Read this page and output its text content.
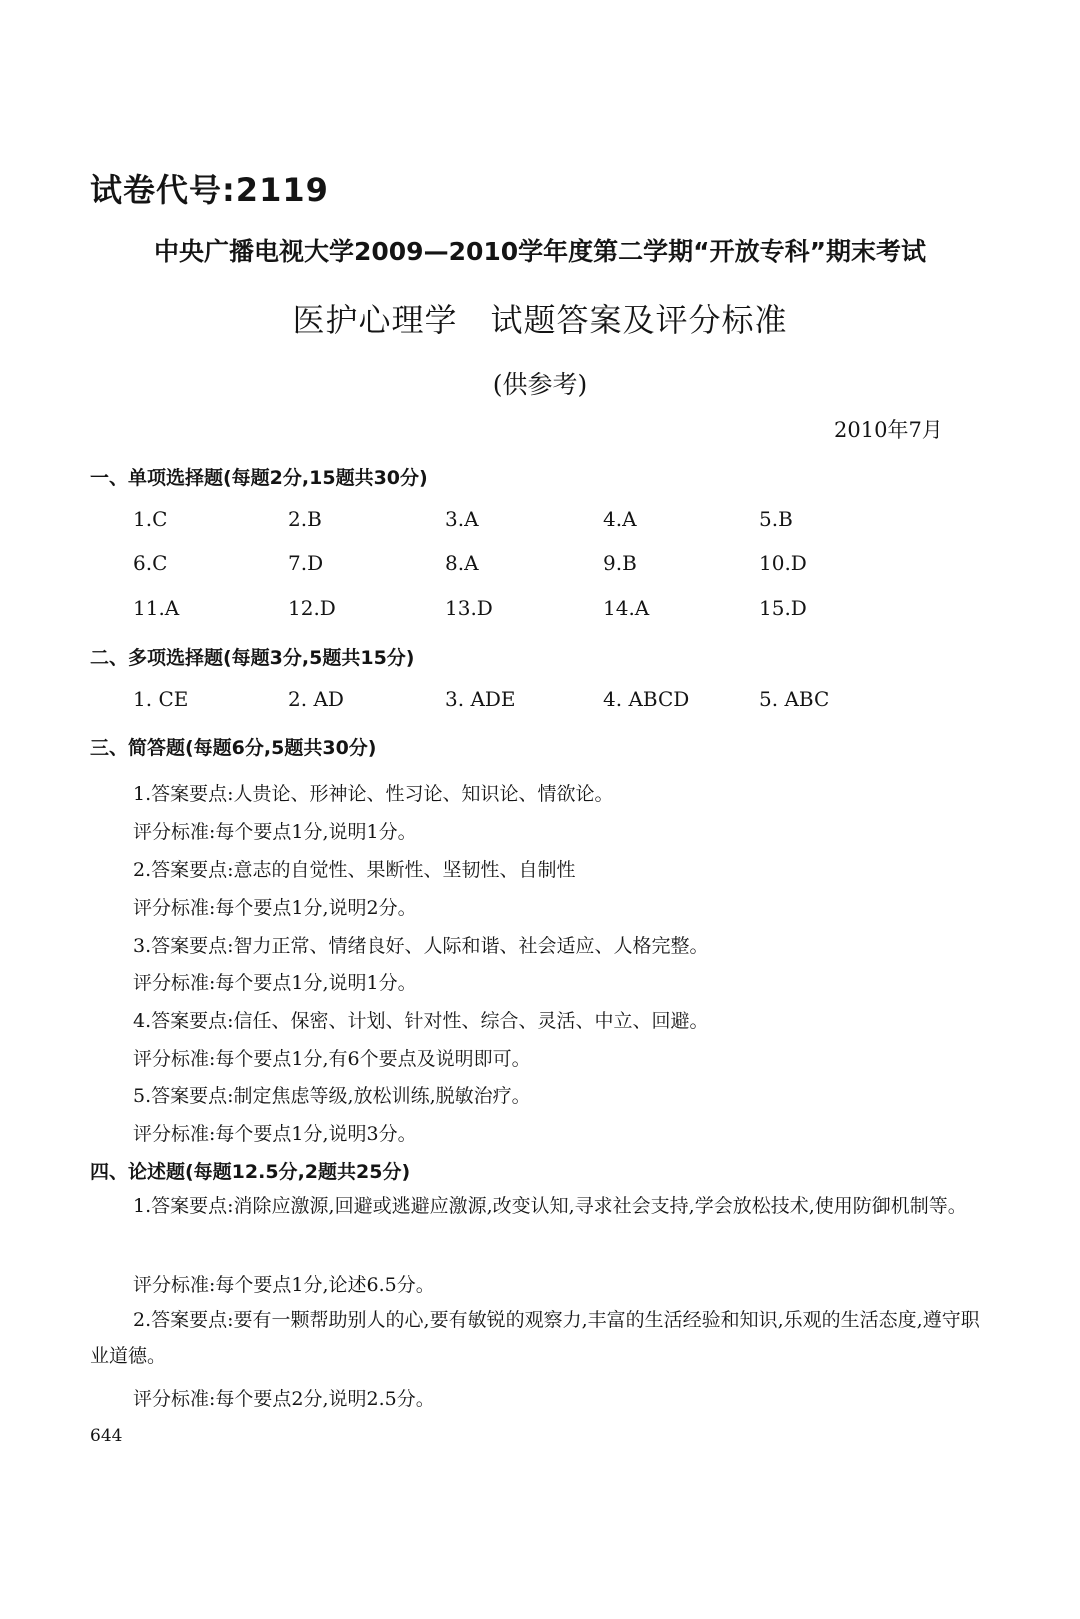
试卷代号:2119
中央广播电视大学2009—2010学年度第二学期“开放专科”期末考试
医护心理学　试题答案及评分标准
(供参考)
2010年7月
一、单项选择题(每题2分,15题共30分)
1.C	2.B	3.A	4.A	5.B
6.C	7.D	8.A	9.B	10.D
11.A	12.D	13.D	14.A	15.D
二、多项选择题(每题3分,5题共15分)
1. CE	2. AD	3. ADE	4. ABCD	5. ABC
三、简答题(每题6分,5题共30分)
1.答案要点:人贵论、形神论、性习论、知识论、情欲论。
评分标准:每个要点1分,说明1分。
2.答案要点:意志的自觉性、果断性、坚韧性、自制性
评分标准:每个要点1分,说明2分。
3.答案要点:智力正常、情绪良好、人际和谐、社会适应、人格完整。
评分标准:每个要点1分,说明1分。
4.答案要点:信任、保密、计划、针对性、综合、灵活、中立、回避。
评分标准:每个要点1分,有6个要点及说明即可。
5.答案要点:制定焦虑等级,放松训练,脱敏治疗。
评分标准:每个要点1分,说明3分。
四、论述题(每题12.5分,2题共25分)
1.答案要点:消除应激源,回避或逃避应激源,改变认知,寻求社会支持,学会放松技术,使用防御机制等。
评分标准:每个要点1分,论述6.5分。
2.答案要点:要有一颗帮助别人的心,要有敏锐的观察力,丰富的生活经验和知识,乐观的生活态度,遵守职业道德。
评分标准:每个要点2分,说明2.5分。
644
